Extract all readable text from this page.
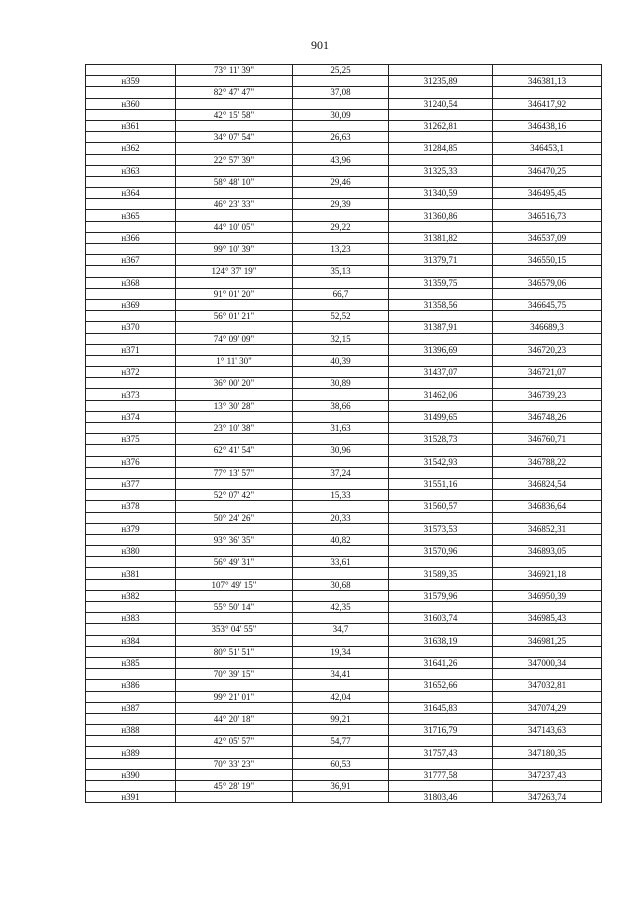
901
	73° 11' 39"	25,25		
н359			31235,89	346381,13
	82° 47' 47"	37,08		
н360			31240,54	346417,92
	42° 15' 58"	30,09		
н361			31262,81	346438,16
	34° 07' 54"	26,63		
н362			31284,85	346453,1
	22° 57' 39"	43,96		
н363			31325,33	346470,25
	58° 48' 10"	29,46		
н364			31340,59	346495,45
	46° 23' 33"	29,39		
н365			31360,86	346516,73
	44° 10' 05"	29,22		
н366			31381,82	346537,09
	99° 10' 39"	13,23		
н367			31379,71	346550,15
	124° 37' 19"	35,13		
н368			31359,75	346579,06
	91° 01' 20"	66,7		
н369			31358,56	346645,75
	56° 01' 21"	52,52		
н370			31387,91	346689,3
	74° 09' 09"	32,15		
н371			31396,69	346720,23
	1° 11' 30"	40,39		
н372			31437,07	346721,07
	36° 00' 20"	30,89		
н373			31462,06	346739,23
	13° 30' 28"	38,66		
н374			31499,65	346748,26
	23° 10' 38"	31,63		
н375			31528,73	346760,71
	62° 41' 54"	30,96		
н376			31542,93	346788,22
	77° 13' 57"	37,24		
н377			31551,16	346824,54
	52° 07' 42"	15,33		
н378			31560,57	346836,64
	50° 24' 26"	20,33		
н379			31573,53	346852,31
	93° 36' 35"	40,82		
н380			31570,96	346893,05
	56° 49' 31"	33,61		
н381			31589,35	346921,18
	107° 49' 15"	30,68		
н382			31579,96	346950,39
	55° 50' 14"	42,35		
н383			31603,74	346985,43
	353° 04' 55"	34,7		
н384			31638,19	346981,25
	80° 51' 51"	19,34		
н385			31641,26	347000,34
	70° 39' 15"	34,41		
н386			31652,66	347032,81
	99° 21' 01"	42,04		
н387			31645,83	347074,29
	44° 20' 18"	99,21		
н388			31716,79	347143,63
	42° 05' 57"	54,77		
н389			31757,43	347180,35
	70° 33' 23"	60,53		
н390			31777,58	347237,43
	45° 28' 19"	36,91		
н391			31803,46	347263,74
